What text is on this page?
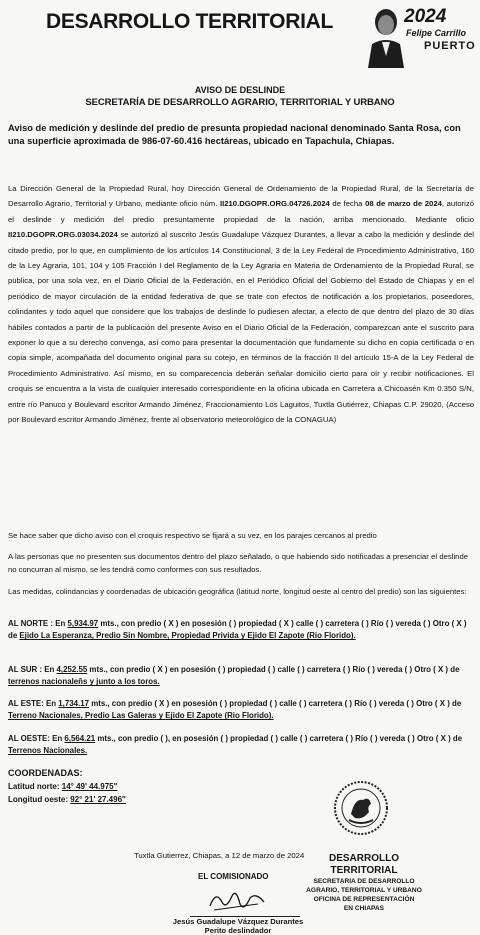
DESARROLLO TERRITORIAL	2024
Felipe Carrillo
PUERTO
AVISO DE DESLINDE
SECRETARÍA DE DESARROLLO AGRARIO, TERRITORIAL Y URBANO
Aviso de medición y deslinde del predio de presunta propiedad nacional denominado Santa Rosa, con una superficie aproximada de 986-07-60.416 hectáreas, ubicado en Tapachula, Chiapas.
La Dirección General de la Propiedad Rural, hoy Dirección General de Ordenamiento de la Propiedad Rural, de la Secretaría de Desarrollo Agrario, Territorial y Urbano, mediante oficio núm. II210.DGOPR.ORG.04726.2024 de fecha 08 de marzo de 2024, autorizó el deslinde y medición del predio presuntamente propiedad de la nación, arriba mencionado. Mediante oficio II210.DGOPR.ORG.03034.2024 se autorizó al suscrito Jesús Guadalupe Vázquez Durantes, a llevar a cabo la medición y deslinde del citado predio, por lo que, en cumplimiento de los artículos 14 Constitucional, 3 de la Ley Federal de Procedimiento Administrativo, 160 de la Ley Agraria, 101, 104 y 105 Fracción I del Reglamento de la Ley Agraria en Materia de Ordenamiento de la Propiedad Rural, se publica, por una sola vez, en el Diario Oficial de la Federación, en el Periódico Oficial del Gobierno del Estado de Chiapas y en el periódico de mayor circulación de la entidad federativa de que se trate con efectos de notificación a los propietarios, poseedores, colindantes y todo aquel que considere que los trabajos de deslinde lo pudiesen afectar, a efecto de que dentro del plazo de 30 días hábiles contados a partir de la publicación del presente Aviso en el Diario Oficial de la Federación, comparezcan ante el suscrito para exponer lo que a su derecho convenga, así como para presentar la documentación que fundamente su dicho en copia certificada o en copia simple, acompañada del documento original para su cotejo, en términos de la fracción II del artículo 15-A de la Ley Federal de Procedimiento Administrativo. Así mismo, en su comparecencia deberán señalar domicilio cierto para oír y recibir notificaciones. El croquis se encuentra a la vista de cualquier interesado correspondiente en la oficina ubicada en Carretera a Chicoasén Km 0.350 S/N, entre río Panuco y Boulevard escritor Armando Jiménez, Fraccionamiento Los Laguitos, Tuxtla Gutiérrez, Chiapas C.P. 29020, (Acceso por Boulevard escritor Armando Jiménez, frente al observatorio meteorológico de la CONAGUA)
Se hace saber que dicho aviso con el croquis respectivo se fijará a su vez, en los parajes cercanos al predio
A las personas que no presenten sus documentos dentro del plazo señalado, o que habiendo sido notificadas a presenciar el deslinde no concurran al mismo, se les tendrá como conformes con sus resultados.
Las medidas, colindancias y coordenadas de ubicación geográfica (latitud norte, longitud oeste al centro del predio) son las siguientes:
AL NORTE : En 5,934.97 mts., con predio ( X ) en posesión ( ) propiedad ( X ) calle ( ) carretera ( ) Río ( ) vereda ( ) Otro ( X ) de Ejido La Esperanza, Predio Sin Nombre, Propiedad Privida y Ejido El Zapote (Rio Florido).
AL SUR : En 4,252.55 mts., con predio ( X ) en posesión ( ) propiedad ( ) calle ( ) carretera ( ) Río ( ) vereda ( ) Otro ( X ) de terrenos nacionaleñs y junto a los toros.
AL ESTE: En 1,734.17 mts., con predio ( X ) en posesión ( ) propiedad ( ) calle ( ) carretera ( ) Río ( ) vereda ( ) Otro ( X ) de Terreno Nacionales, Predio Las Galeras y Ejido El Zapote (Rio Florido).
AL OESTE: En 6,564.21 mts., con predio ( ), en posesión ( ) propiedad ( ) calle ( ) carretera ( ) Río ( ) vereda ( ) Otro ( X ) de Terrenos Nacionales.
COORDENADAS:
Latitud norte: 14° 49' 44.975"
Longitud oeste: 92° 21' 27.496"
Tuxtla Gutierrez, Chiapas, a 12 de marzo de 2024
EL COMISIONADO
Jesús Guadalupe Vázquez Durantes
Perito deslindador
DESARROLLO TERRITORIAL
SECRETARIA DE DESARROLLO
AGRARIO, TERRITORIAL Y URBANO
OFICINA DE REPRESENTACIÓN
EN CHIAPAS
